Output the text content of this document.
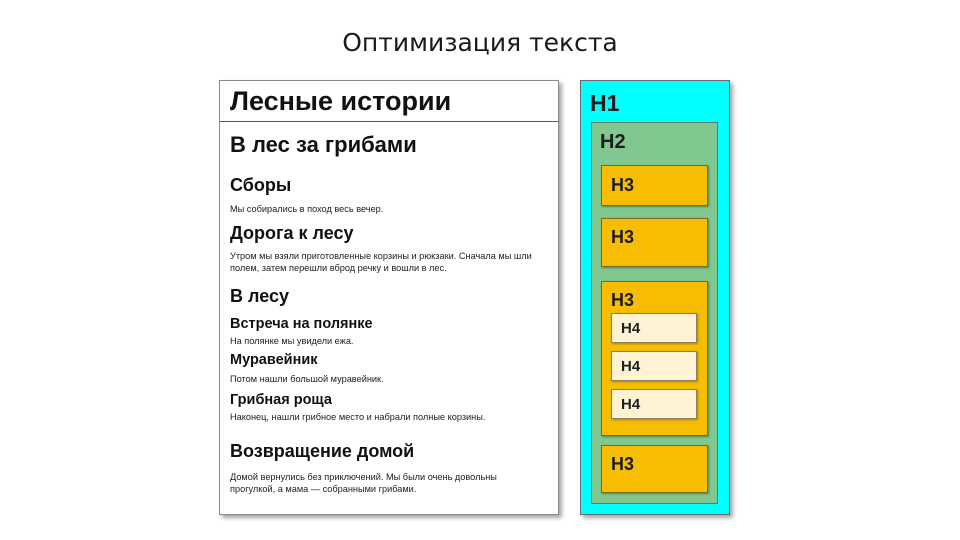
Оптимизация текста
Лесные истории
В лес за грибами
Сборы
Мы собирались в поход весь вечер.
Дорога к лесу
Утром мы взяли приготовленные корзины и рюкзаки. Сначала мы шли полем, затем перешли вброд речку и вошли в лес.
В лесу
Встреча на полянке
На полянке мы увидели ежа.
Муравейник
Потом нашли большой муравейник.
Грибная роща
Наконец, нашли грибное место и набрали полные корзины.
Возвращение домой
Домой вернулись без приключений. Мы были очень довольны прогулкой, а мама — собранными грибами.
H1
H2
H3
H3
H3
H4
H4
H4
H3
